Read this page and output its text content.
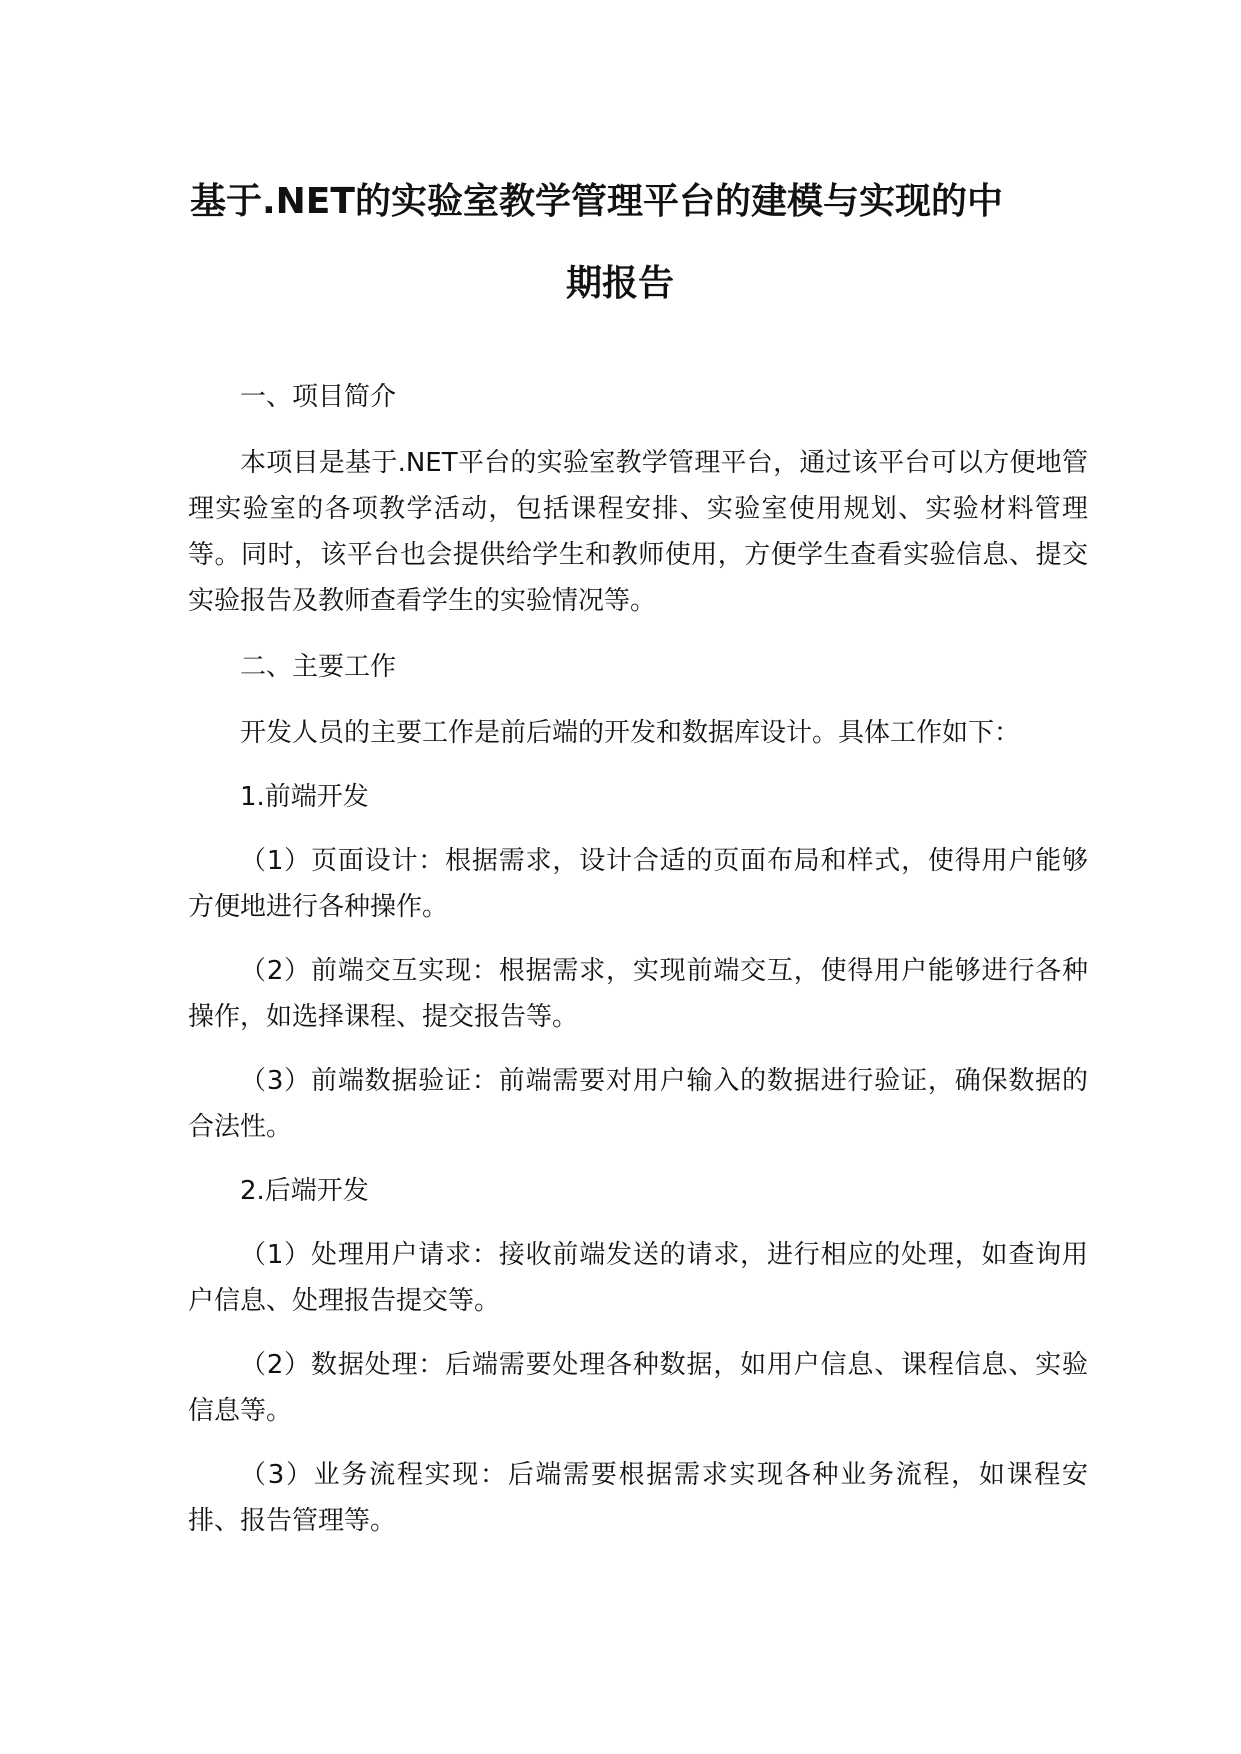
基于.NET的实验室教学管理平台的建模与实现的中
期报告

一、项目简介

本项目是基于.NET平台的实验室教学管理平台，通过该平台可以方便地管理实验室的各项教学活动，包括课程安排、实验室使用规划、实验材料管理等。同时，该平台也会提供给学生和教师使用，方便学生查看实验信息、提交实验报告及教师查看学生的实验情况等。

二、主要工作

开发人员的主要工作是前后端的开发和数据库设计。具体工作如下：

1.前端开发

（1）页面设计：根据需求，设计合适的页面布局和样式，使得用户能够方便地进行各种操作。

（2）前端交互实现：根据需求，实现前端交互，使得用户能够进行各种操作，如选择课程、提交报告等。

（3）前端数据验证：前端需要对用户输入的数据进行验证，确保数据的合法性。

2.后端开发

（1）处理用户请求：接收前端发送的请求，进行相应的处理，如查询用户信息、处理报告提交等。

（2）数据处理：后端需要处理各种数据，如用户信息、课程信息、实验信息等。

（3）业务流程实现：后端需要根据需求实现各种业务流程，如课程安排、报告管理等。
